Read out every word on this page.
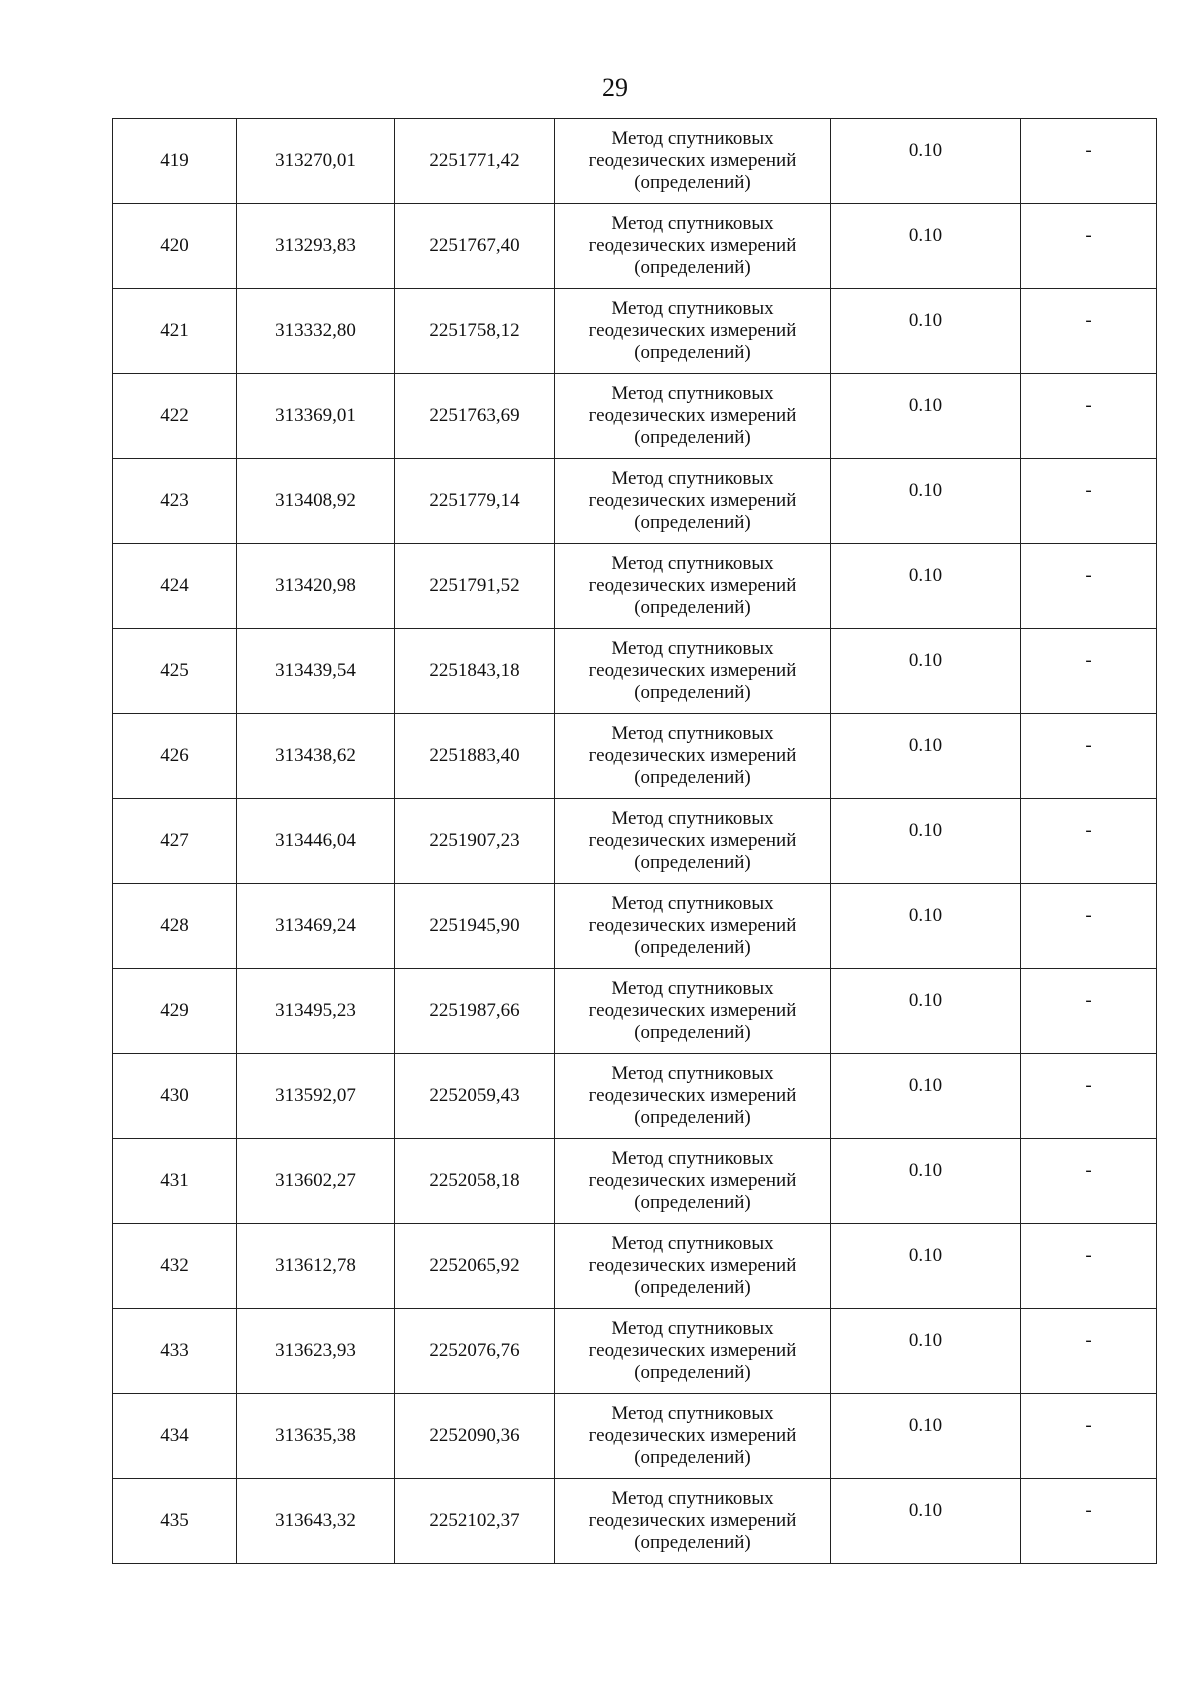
29
419	313270,01	2251771,42	Метод спутниковых
геодезических измерений
(определений)	0.10	-

420	313293,83	2251767,40	Метод спутниковых
геодезических измерений
(определений)	0.10	-

421	313332,80	2251758,12	Метод спутниковых
геодезических измерений
(определений)	0.10	-

422	313369,01	2251763,69	Метод спутниковых
геодезических измерений
(определений)	0.10	-

423	313408,92	2251779,14	Метод спутниковых
геодезических измерений
(определений)	0.10	-

424	313420,98	2251791,52	Метод спутниковых
геодезических измерений
(определений)	0.10	-

425	313439,54	2251843,18	Метод спутниковых
геодезических измерений
(определений)	0.10	-

426	313438,62	2251883,40	Метод спутниковых
геодезических измерений
(определений)	0.10	-

427	313446,04	2251907,23	Метод спутниковых
геодезических измерений
(определений)	0.10	-

428	313469,24	2251945,90	Метод спутниковых
геодезических измерений
(определений)	0.10	-

429	313495,23	2251987,66	Метод спутниковых
геодезических измерений
(определений)	0.10	-

430	313592,07	2252059,43	Метод спутниковых
геодезических измерений
(определений)	0.10	-

431	313602,27	2252058,18	Метод спутниковых
геодезических измерений
(определений)	0.10	-

432	313612,78	2252065,92	Метод спутниковых
геодезических измерений
(определений)	0.10	-

433	313623,93	2252076,76	Метод спутниковых
геодезических измерений
(определений)	0.10	-

434	313635,38	2252090,36	Метод спутниковых
геодезических измерений
(определений)	0.10	-

435	313643,32	2252102,37	Метод спутниковых
геодезических измерений
(определений)	0.10	-
